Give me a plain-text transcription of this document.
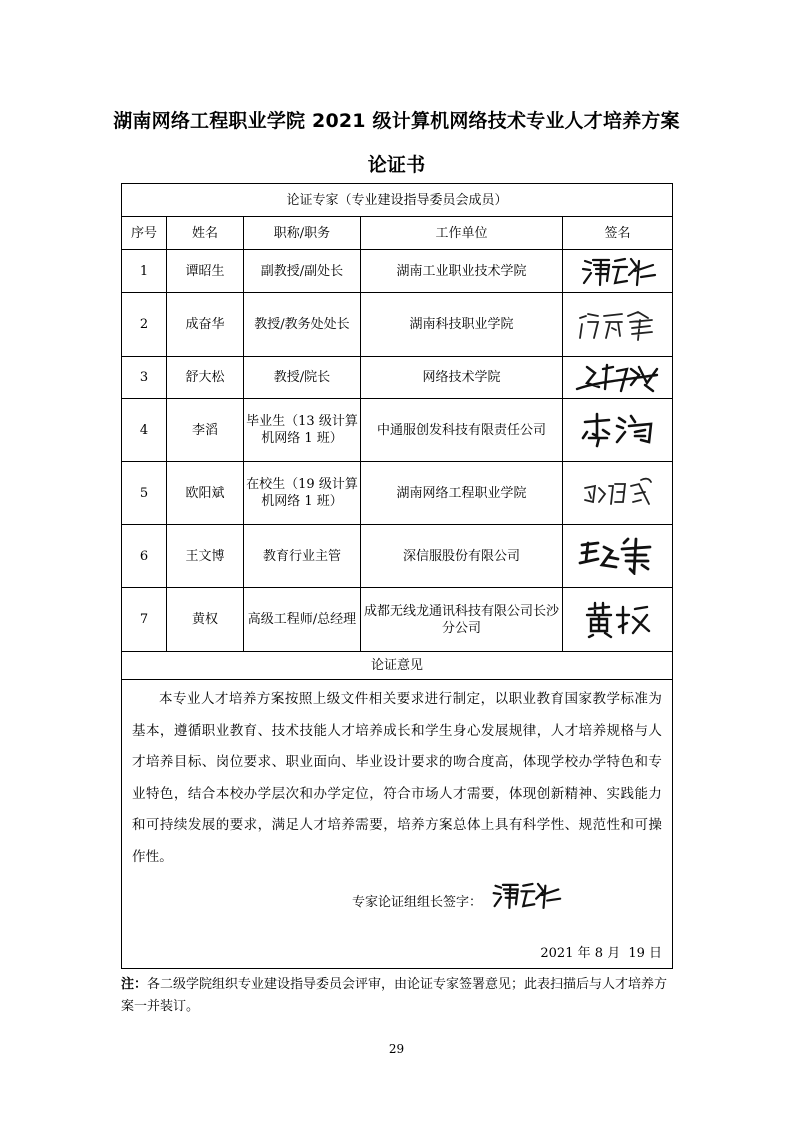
湖南网络工程职业学院 2021 级计算机网络技术专业人才培养方案
论证书
论证专家（专业建设指导委员会成员）				
序号	姓名	职称/职务	工作单位	签名
1	谭昭生	副教授/副处长	湖南工业职业技术学院	

2	成奋华	教授/教务处处长	湖南科技职业学院	

3	舒大松	教授/院长	网络技术学院	

4	李滔	毕业生（13 级计算机网络 1 班）	中通服创发科技有限责任公司	

5	欧阳斌	在校生（19 级计算机网络 1 班）	湖南网络工程职业学院	

6	王文博	教育行业主管	深信服股份有限公司	

7	黄权	高级工程师/总经理	成都无线龙通讯科技有限公司长沙分公司	

论证意见				

本专业人才培养方案按照上级文件相关要求进行制定，以职业教育国家教学标准为基本，遵循职业教育、技术技能人才培养成长和学生身心发展规律，人才培养规格与人才培养目标、岗位要求、职业面向、毕业设计要求的吻合度高，体现学校办学特色和专业特色，结合本校办学层次和办学定位，符合市场人才需要，体现创新精神、实践能力和可持续发展的要求，满足人才培养需要，培养方案总体上具有科学性、规范性和可操作性。

专家论证组组长签字：
2021 年 8 月 19 日				
注：各二级学院组织专业建设指导委员会评审，由论证专家签署意见；此表扫描后与人才培养方案一并装订。
29
